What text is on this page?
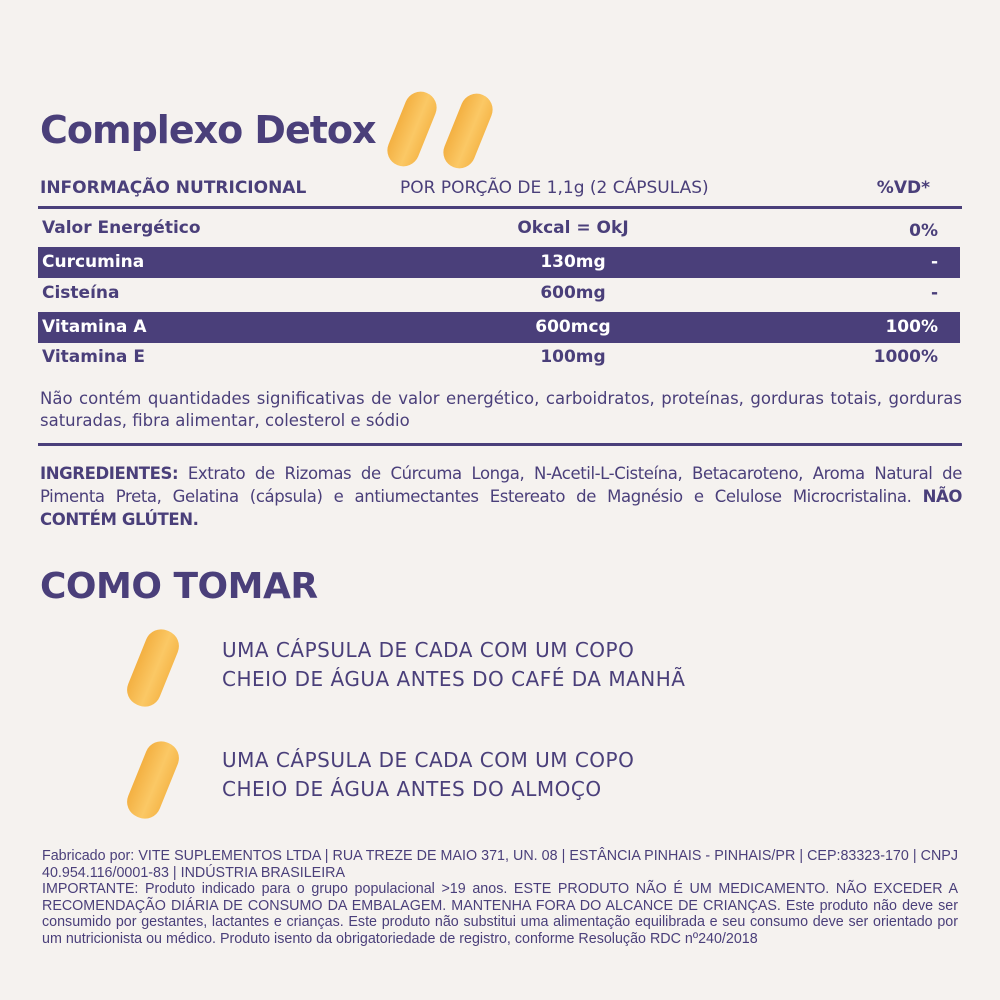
Complexo Detox
INFORMAÇÃO NUTRICIONAL	POR PORÇÃO DE 1,1g (2 CÁPSULAS)	%VD*
Valor Energético	Okcal = OkJ	0%
Curcumina	130mg	-
Cisteína	600mg	-
Vitamina A	600mcg	100%
Vitamina E	100mg	1000%
Não contém quantidades significativas de valor energético, carboidratos, proteínas, gorduras totais, gorduras saturadas, fibra alimentar, colesterol e sódio
INGREDIENTES: Extrato de Rizomas de Cúrcuma Longa, N-Acetil-L-Cisteína, Betacaroteno, Aroma Natural de Pimenta Preta, Gelatina (cápsula) e antiumectantes Estereato de Magnésio e Celulose Microcristalina. NÃO CONTÉM GLÚTEN.
COMO TOMAR
UMA CÁPSULA DE CADA COM UM COPO
CHEIO DE ÁGUA ANTES DO CAFÉ DA MANHÃ
UMA CÁPSULA DE CADA COM UM COPO
CHEIO DE ÁGUA ANTES DO ALMOÇO
Fabricado por: VITE SUPLEMENTOS LTDA | RUA TREZE DE MAIO 371, UN. 08 | ESTÂNCIA PINHAIS - PINHAIS/PR | CEP:83323-170 | CNPJ 40.954.116/0001-83 | INDÚSTRIA BRASILEIRA
IMPORTANTE: Produto indicado para o grupo populacional >19 anos. ESTE PRODUTO NÃO É UM MEDICAMENTO. NÃO EXCEDER A RECOMENDAÇÃO DIÁRIA DE CONSUMO DA EMBALAGEM. MANTENHA FORA DO ALCANCE DE CRIANÇAS. Este produto não deve ser consumido por gestantes, lactantes e crianças. Este produto não substitui uma alimentação equilibrada e seu consumo deve ser orientado por um nutricionista ou médico. Produto isento da obrigatoriedade de registro, conforme Resolução RDC nº240/2018
